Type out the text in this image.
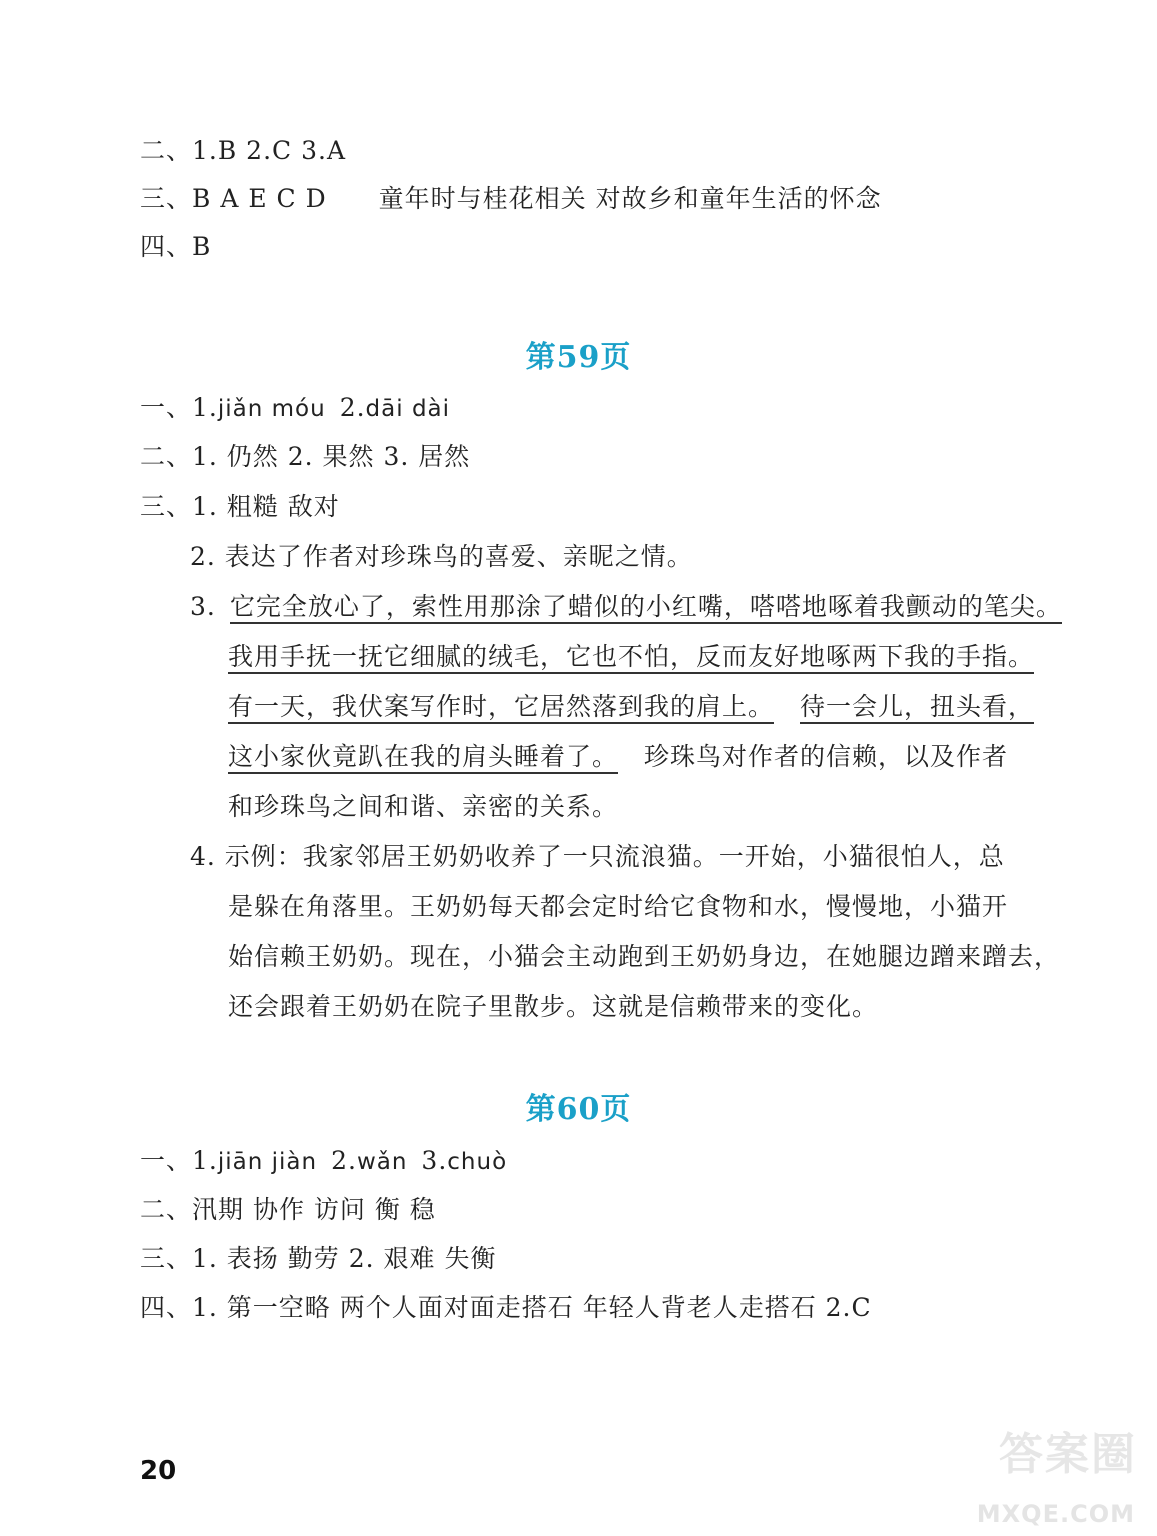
二、1.B 2.C 3.A
三、B A E C D 童年时与桂花相关 对故乡和童年生活的怀念
四、B
第59页
一、1.jiǎn móu 2.dāi dài
二、1. 仍然 2. 果然 3. 居然
三、1. 粗糙 敌对
2. 表达了作者对珍珠鸟的喜爱、亲昵之情。
3. 它完全放心了，索性用那涂了蜡似的小红嘴，嗒嗒地啄着我颤动的笔尖。
我用手抚一抚它细腻的绒毛，它也不怕，反而友好地啄两下我的手指。
有一天，我伏案写作时，它居然落到我的肩上。 待一会儿，扭头看，
这小家伙竟趴在我的肩头睡着了。 珍珠鸟对作者的信赖，以及作者
和珍珠鸟之间和谐、亲密的关系。
4. 示例：我家邻居王奶奶收养了一只流浪猫。一开始，小猫很怕人，总
是躲在角落里。王奶奶每天都会定时给它食物和水，慢慢地，小猫开
始信赖王奶奶。现在，小猫会主动跑到王奶奶身边，在她腿边蹭来蹭去，
还会跟着王奶奶在院子里散步。这就是信赖带来的变化。
第60页
一、1.jiān jiàn 2.wǎn 3.chuò
二、汛期 协作 访问 衡 稳
三、1. 表扬 勤劳 2. 艰难 失衡
四、1. 第一空略 两个人面对面走搭石 年轻人背老人走搭石 2.C
20	答案圈
MXQE.COM
